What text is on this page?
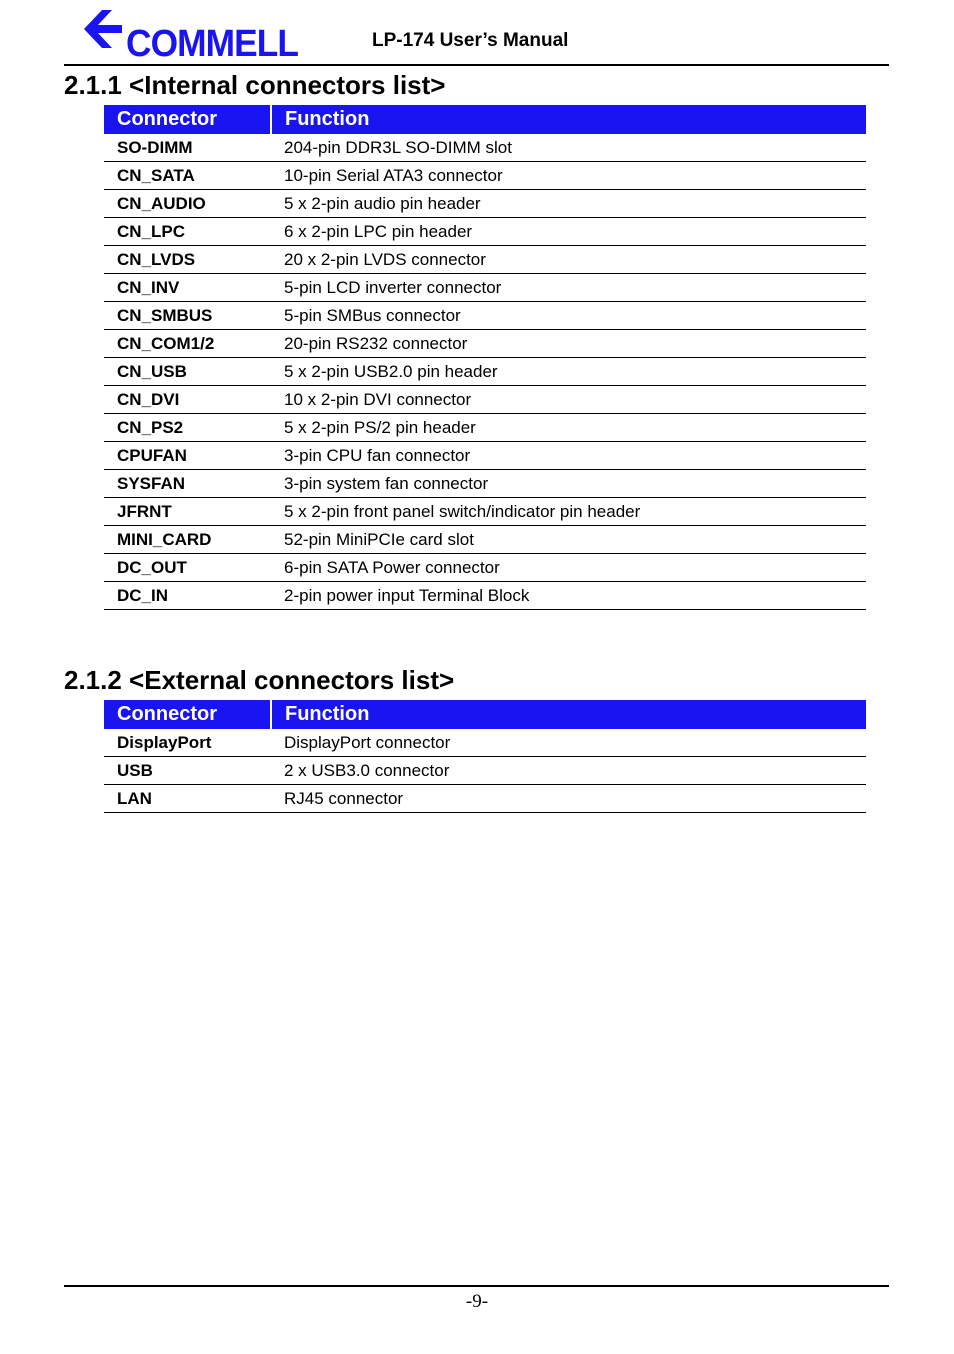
COMMELL	LP-174 User’s Manual
2.1.1 <Internal connectors list>
Connector	Function
SO-DIMM	204-pin DDR3L SO-DIMM slot
CN_SATA	10-pin Serial ATA3 connector
CN_AUDIO	5 x 2-pin audio pin header
CN_LPC	6 x 2-pin LPC pin header
CN_LVDS	20 x 2-pin LVDS connector
CN_INV	5-pin LCD inverter connector
CN_SMBUS	5-pin SMBus connector
CN_COM1/2	20-pin RS232 connector
CN_USB	5 x 2-pin USB2.0 pin header
CN_DVI	10 x 2-pin DVI connector
CN_PS2	5 x 2-pin PS/2 pin header
CPUFAN	3-pin CPU fan connector
SYSFAN	3-pin system fan connector
JFRNT	5 x 2-pin front panel switch/indicator pin header
MINI_CARD	52-pin MiniPCIe card slot
DC_OUT	6-pin SATA Power connector
DC_IN	2-pin power input Terminal Block
2.1.2 <External connectors list>
Connector	Function
DisplayPort	DisplayPort connector
USB	2 x USB3.0 connector
LAN	RJ45 connector
-9-
